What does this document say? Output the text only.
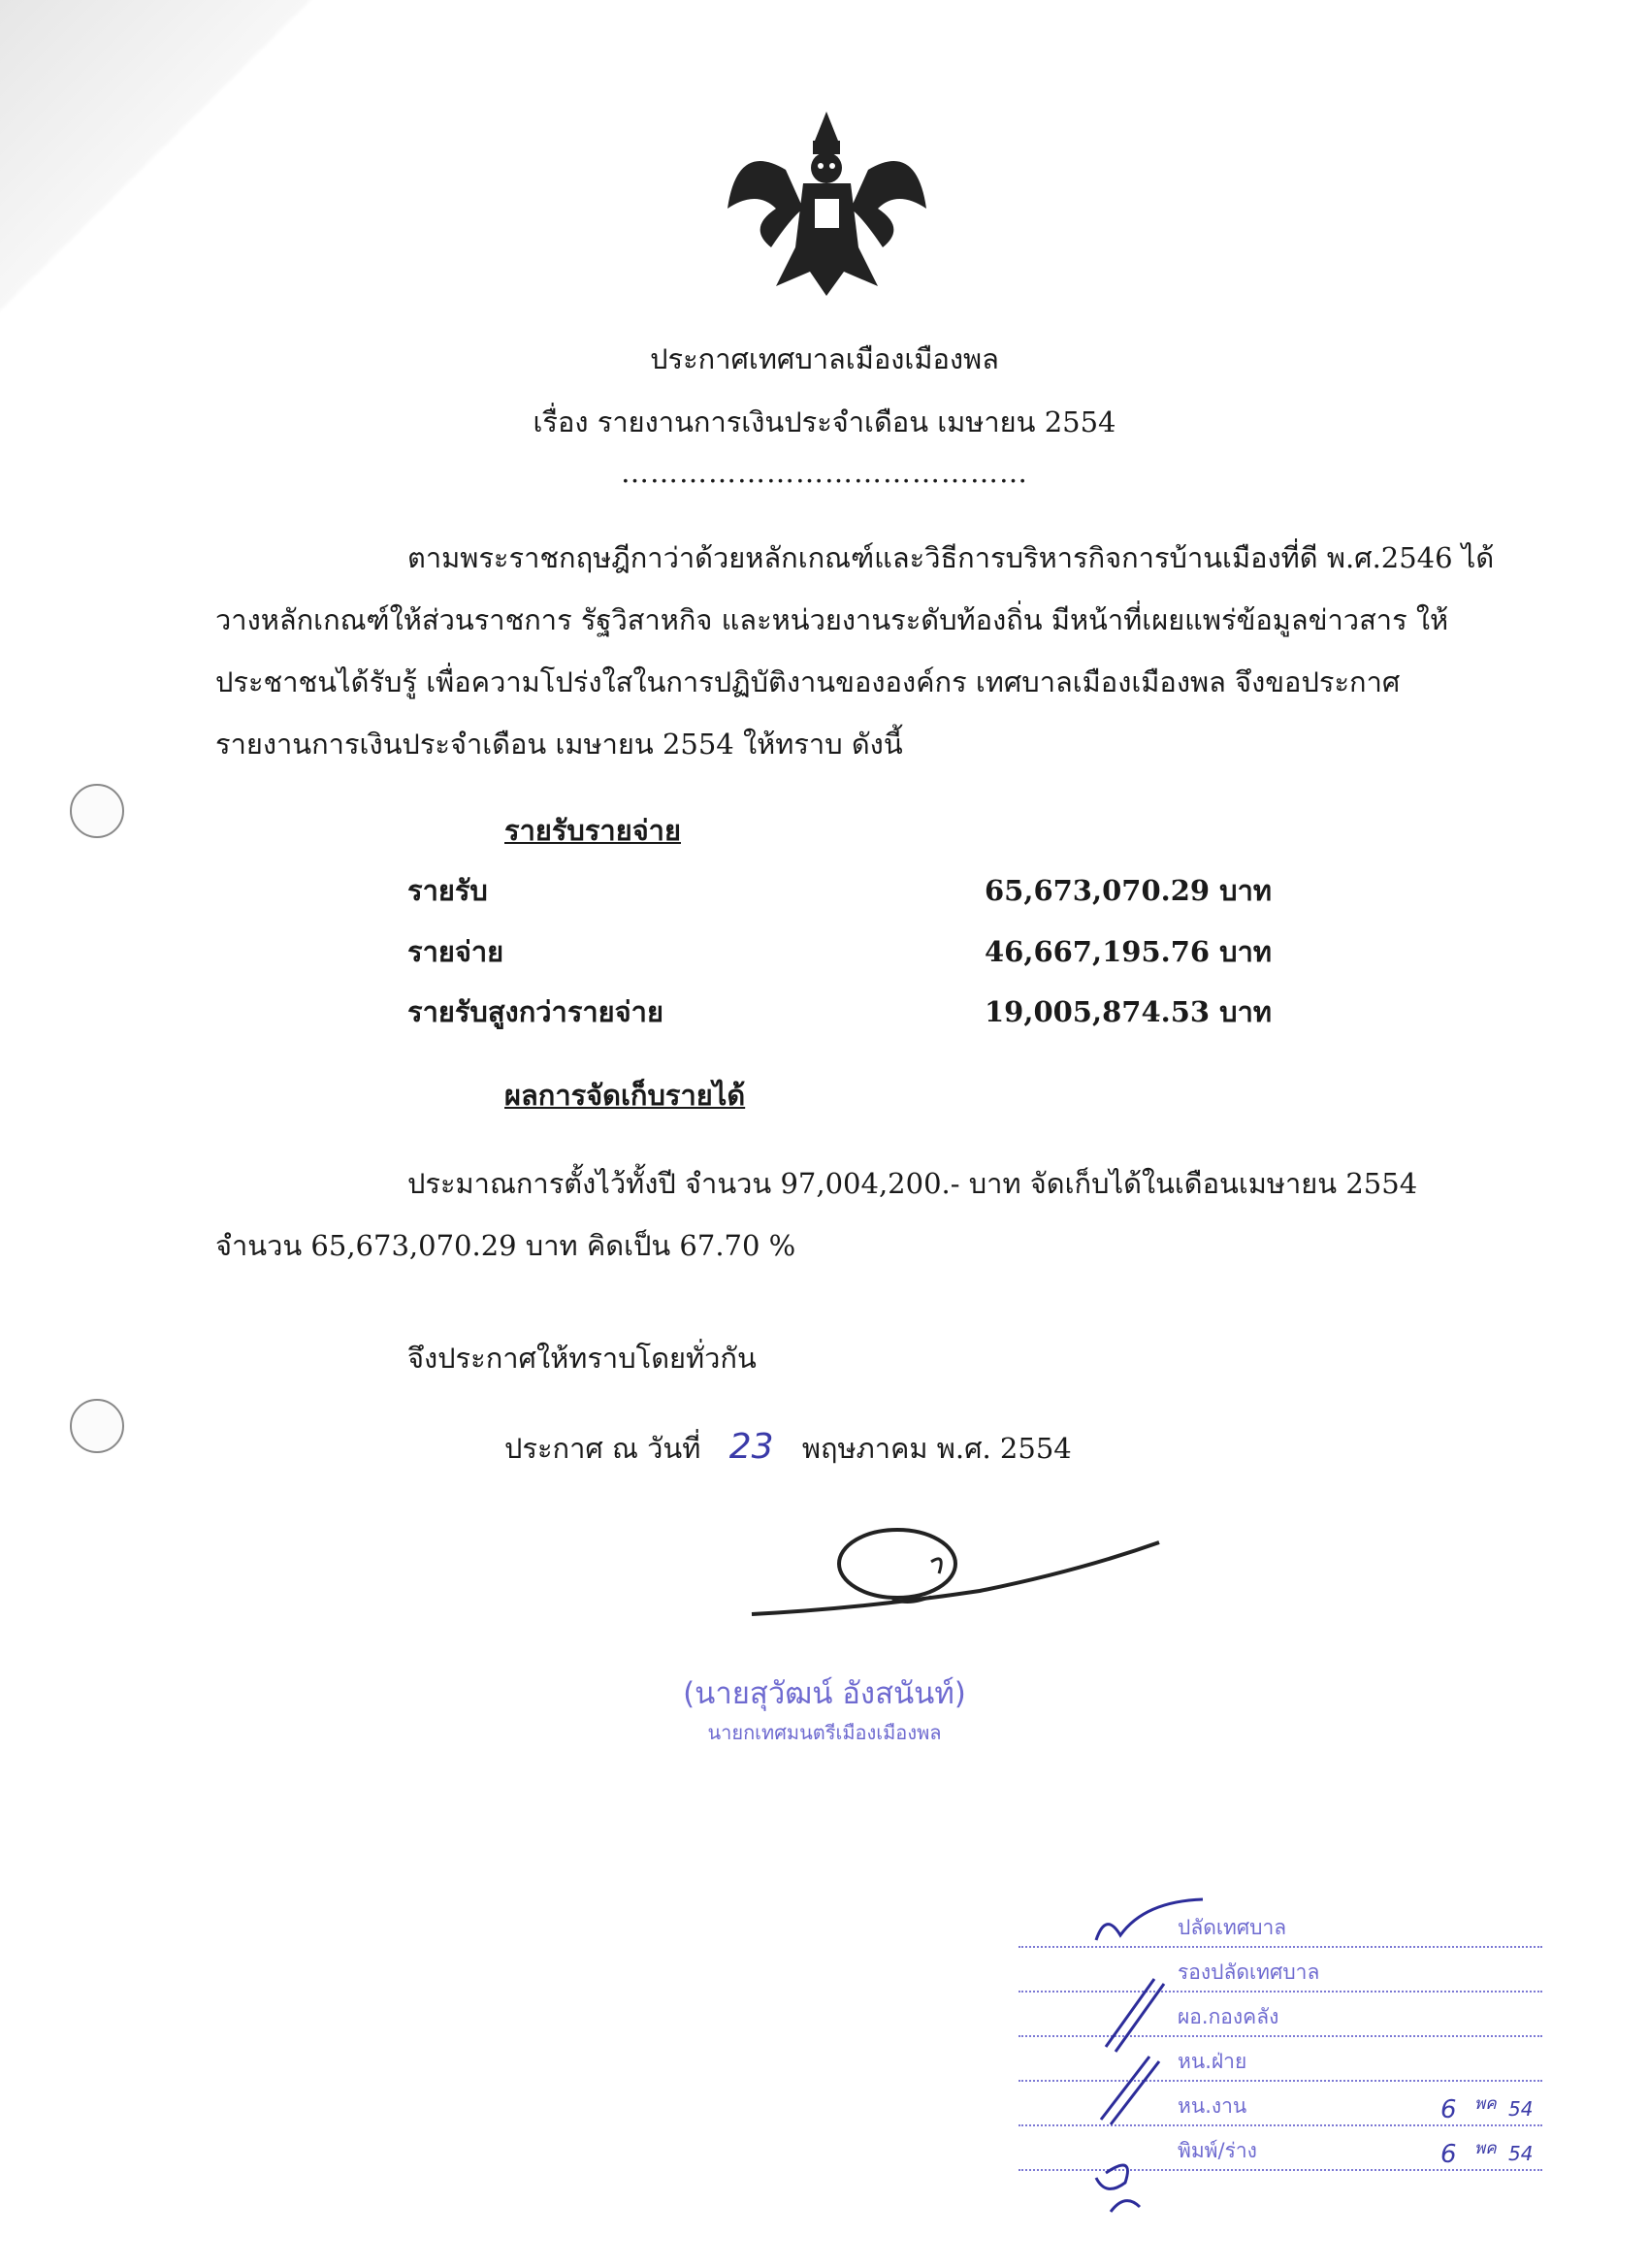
ประกาศเทศบาลเมืองเมืองพล
เรื่อง รายงานการเงินประจำเดือน เมษายน 2554
……………………………………
ตามพระราชกฤษฎีกาว่าด้วยหลักเกณฑ์และวิธีการบริหารกิจการบ้านเมืองที่ดี พ.ศ.2546 ได้
วางหลักเกณฑ์ให้ส่วนราชการ รัฐวิสาหกิจ และหน่วยงานระดับท้องถิ่น มีหน้าที่เผยแพร่ข้อมูลข่าวสาร ให้
ประชาชนได้รับรู้ เพื่อความโปร่งใสในการปฏิบัติงานขององค์กร เทศบาลเมืองเมืองพล จึงขอประกาศ
รายงานการเงินประจำเดือน เมษายน 2554 ให้ทราบ ดังนี้
รายรับรายจ่าย
รายรับ	65,673,070.29 บาท
รายจ่าย	46,667,195.76 บาท
รายรับสูงกว่ารายจ่าย	19,005,874.53 บาท
ผลการจัดเก็บรายได้
ประมาณการตั้งไว้ทั้งปี จำนวน 97,004,200.- บาท จัดเก็บได้ในเดือนเมษายน 2554
จำนวน 65,673,070.29 บาท คิดเป็น 67.70 %
จึงประกาศให้ทราบโดยทั่วกัน
ประกาศ ณ วันที่ 23 พฤษภาคม พ.ศ. 2554
(นายสุวัฒน์ อังสนันท์)
นายกเทศมนตรีเมืองเมืองพล
ปลัดเทศบาล
รองปลัดเทศบาล
ผอ.กองคลัง
หน.ฝ่าย
หน.งาน	6 พค 54
พิมพ์/ร่าง	6 พค 54
